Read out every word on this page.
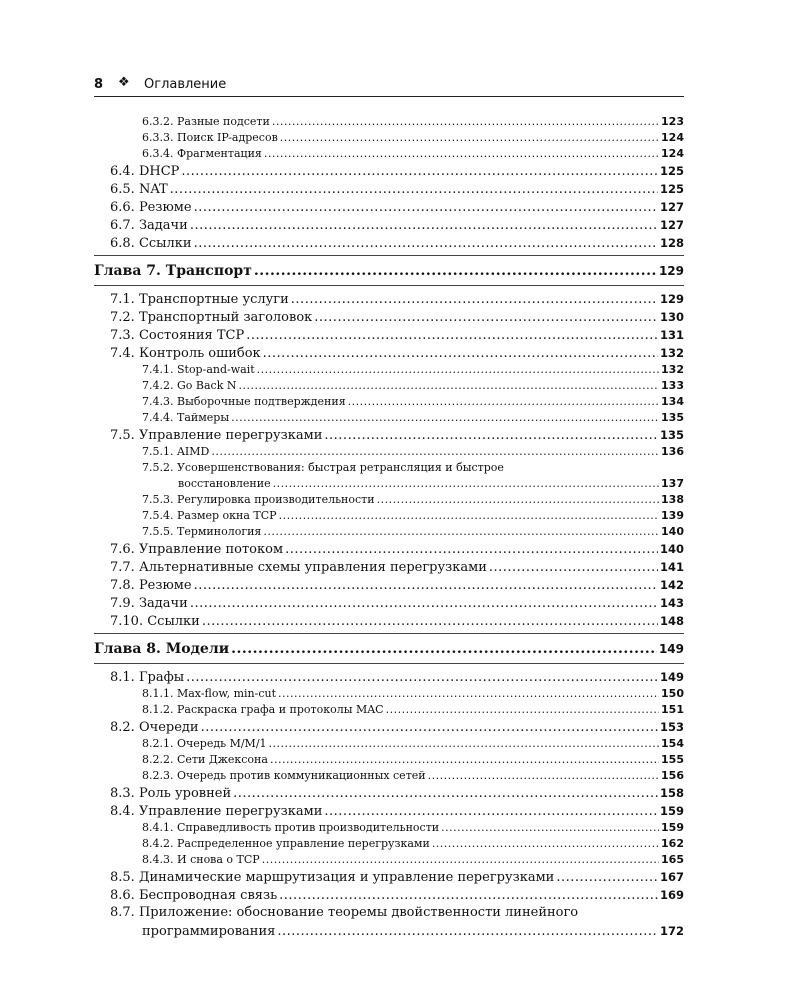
8 ❖ Оглавление
6.3.2. Разные подсети .....	123
6.3.3. Поиск IP-адресов .....	124
6.3.4. Фрагментация .....	124
6.4. DHCP .....	125
6.5. NAT .....	125
6.6. Резюме .....	127
6.7. Задачи .....	127
6.8. Ссылки .....	128
Глава 7. Транспорт .....	129
7.1. Транспортные услуги .....	129
7.2. Транспортный заголовок .....	130
7.3. Состояния TCP .....	131
7.4. Контроль ошибок .....	132
7.4.1. Stop-and-wait .....	132
7.4.2. Go Back N .....	133
7.4.3. Выборочные подтверждения .....	134
7.4.4. Таймеры .....	135
7.5. Управление перегрузками .....	135
7.5.1. AIMD .....	136
7.5.2. Усовершенствования: быстрая ретрансляция и быстрое
восстановление .....	137
7.5.3. Регулировка производительности .....	138
7.5.4. Размер окна TCP .....	139
7.5.5. Терминология .....	140
7.6. Управление потоком .....	140
7.7. Альтернативные схемы управления перегрузками .....	141
7.8. Резюме .....	142
7.9. Задачи .....	143
7.10. Ссылки .....	148
Глава 8. Модели .....	149
8.1. Графы .....	149
8.1.1. Max-flow, min-cut .....	150
8.1.2. Раскраска графа и протоколы MAC .....	151
8.2. Очереди .....	153
8.2.1. Очередь M/M/1 .....	154
8.2.2. Сети Джексона .....	155
8.2.3. Очередь против коммуникационных сетей .....	156
8.3. Роль уровней .....	158
8.4. Управление перегрузками .....	159
8.4.1. Справедливость против производительности .....	159
8.4.2. Распределенное управление перегрузками .....	162
8.4.3. И снова о TCP .....	165
8.5. Динамические маршрутизация и управление перегрузками .....	167
8.6. Беспроводная связь .....	169
8.7. Приложение: обоснование теоремы двойственности линейного
программирования .....	172
